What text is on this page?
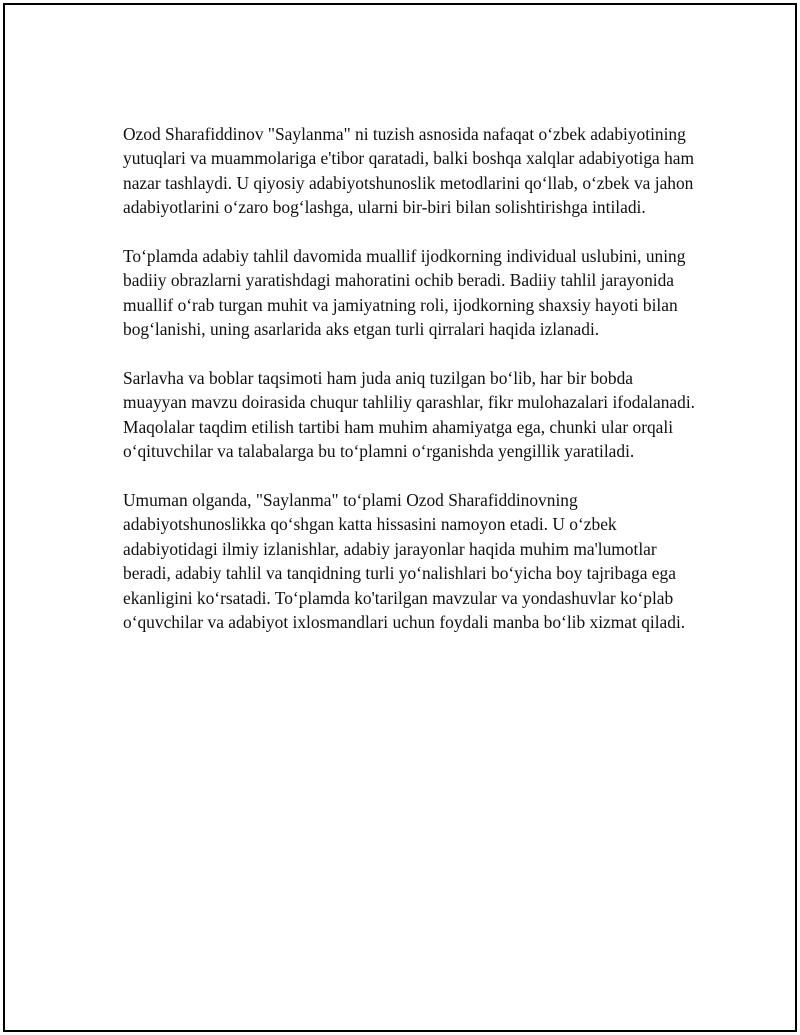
Ozod Sharafiddinov "Saylanma" ni tuzish asnosida nafaqat o‘zbek adabiyotining yutuqlari va muammolariga e'tibor qaratadi, balki boshqa xalqlar adabiyotiga ham nazar tashlaydi. U qiyosiy adabiyotshunoslik metodlarini qo‘llab, o‘zbek va jahon adabiyotlarini o‘zaro bog‘lashga, ularni bir-biri bilan solishtirishga intiladi.

To‘plamda adabiy tahlil davomida muallif ijodkorning individual uslubini, uning badiiy obrazlarni yaratishdagi mahoratini ochib beradi. Badiiy tahlil jarayonida muallif o‘rab turgan muhit va jamiyatning roli, ijodkorning shaxsiy hayoti bilan bog‘lanishi, uning asarlarida aks etgan turli qirralari haqida izlanadi.

Sarlavha va boblar taqsimoti ham juda aniq tuzilgan bo‘lib, har bir bobda muayyan mavzu doirasida chuqur tahliliy qarashlar, fikr mulohazalari ifodalanadi. Maqolalar taqdim etilish tartibi ham muhim ahamiyatga ega, chunki ular orqali o‘qituvchilar va talabalarga bu to‘plamni o‘rganishda yengillik yaratiladi.

Umuman olganda, "Saylanma" to‘plami Ozod Sharafiddinovning adabiyotshunoslikka qo‘shgan katta hissasini namoyon etadi. U o‘zbek adabiyotidagi ilmiy izlanishlar, adabiy jarayonlar haqida muhim ma'lumotlar beradi, adabiy tahlil va tanqidning turli yo‘nalishlari bo‘yicha boy tajribaga ega ekanligini ko‘rsatadi. To‘plamda ko'tarilgan mavzular va yondashuvlar ko‘plab o‘quvchilar va adabiyot ixlosmandlari uchun foydali manba bo‘lib xizmat qiladi.
